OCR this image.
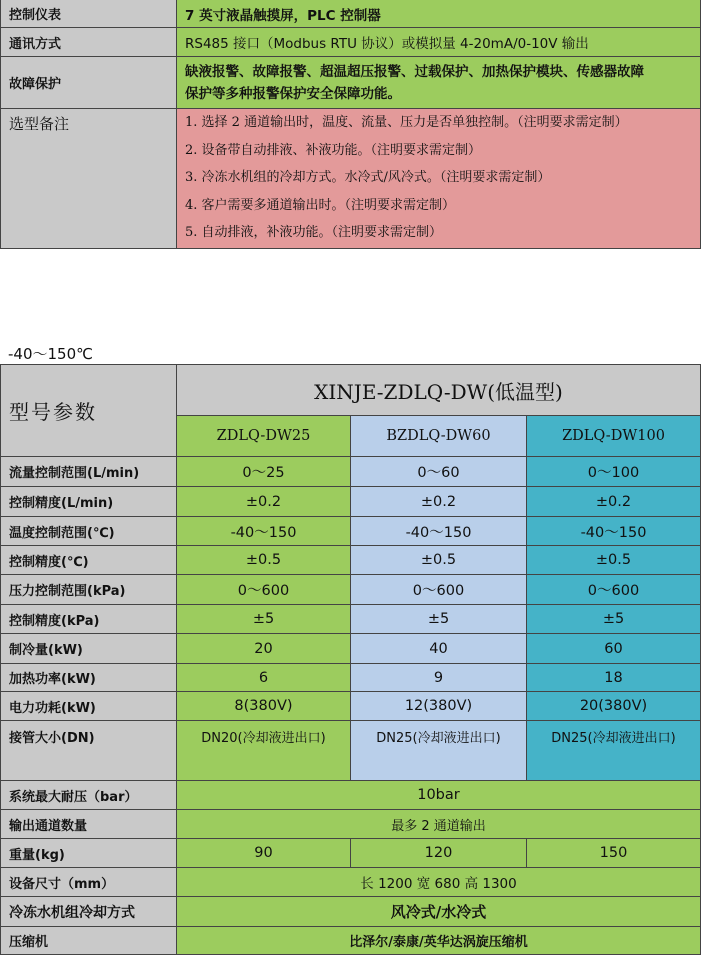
控制仪表	7 英寸液晶触摸屏，PLC 控制器
通讯方式	RS485 接口（Modbus RTU 协议）或模拟量 4-20mA/0-10V 输出
故障保护	缺液报警、故障报警、超温超压报警、过载保护、加热保护模块、传感器故障
保护等多种报警保护安全保障功能。

选型备注	1. 选择 2 通道输出时，温度、流量、压力是否单独控制。（注明要求需定制）
2. 设备带自动排液、补液功能。（注明要求需定制）
3. 冷冻水机组的冷却方式。水冷式/风冷式。（注明要求需定制）
4. 客户需要多通道输出时。（注明要求需定制）
5. 自动排液，补液功能。（注明要求需定制）
-40～150℃
型号参数	XINJE-ZDLQ-DW(低温型)		
	ZDLQ-DW25	BZDLQ-DW60	ZDLQ-DW100
流量控制范围(L/min)	0～25	0～60	0～100
控制精度(L/min)	±0.2	±0.2	±0.2
温度控制范围(℃)	-40～150	-40～150	-40～150
控制精度(℃)	±0.5	±0.5	±0.5
压力控制范围(kPa)	0～600	0～600	0～600
控制精度(kPa)	±5	±5	±5
制冷量(kW)	20	40	60
加热功率(kW)	6	9	18
电力功耗(kW)	8(380V)	12(380V)	20(380V)
接管大小(DN)	DN20(冷却液进出口)	DN25(冷却液进出口)	DN25(冷却液进出口)
系统最大耐压（bar）	10bar		
输出通道数量	最多 2 通道输出		
重量(kg)	90	120	150
设备尺寸（mm）	长 1200 宽 680 高 1300		
冷冻水机组冷却方式	风冷式/水冷式		
压缩机	比泽尔/泰康/英华达涡旋压缩机		
